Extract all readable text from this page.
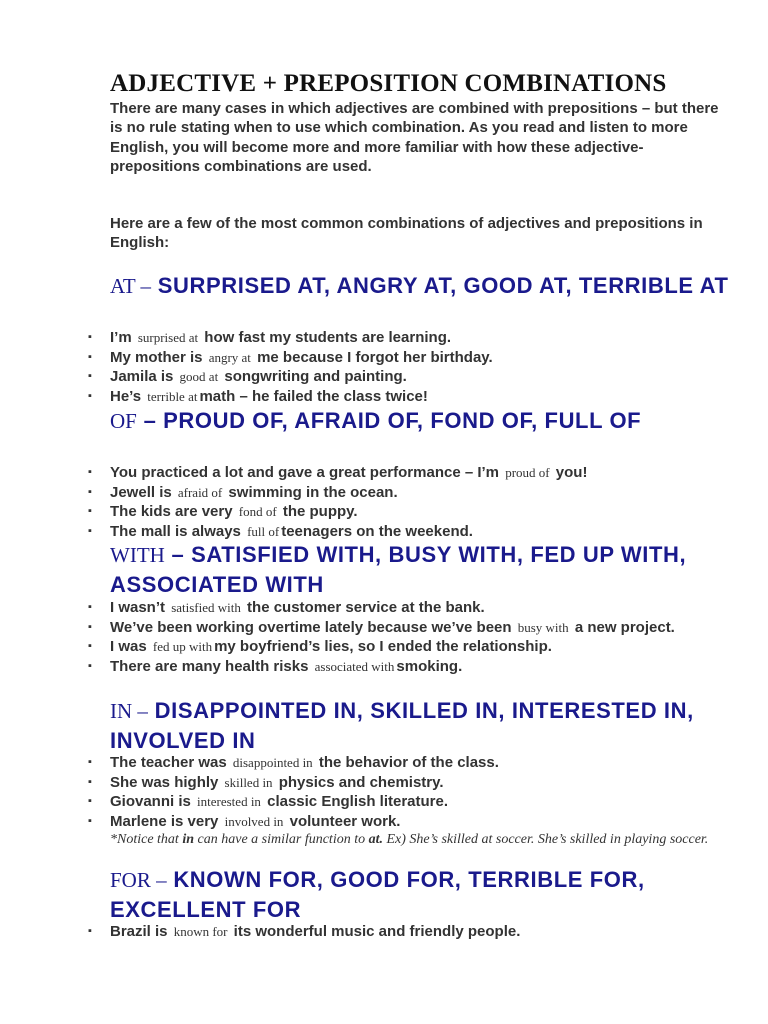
ADJECTIVE + PREPOSITION COMBINATIONS
There are many cases in which adjectives are combined with prepositions – but there is no rule stating when to use which combination. As you read and listen to more English, you will become more and more familiar with how these adjective-prepositions combinations are used.
Here are a few of the most common combinations of adjectives and prepositions in English:
AT – SURPRISED AT, ANGRY AT, GOOD AT, TERRIBLE AT
▪ I’m surprised at how fast my students are learning.
▪ My mother is angry at me because I forgot her birthday.
▪ Jamila is good at songwriting and painting.
▪ He’s terrible at math – he failed the class twice!
OF – PROUD OF, AFRAID OF, FOND OF, FULL OF
▪ You practiced a lot and gave a great performance – I’m proud of you!
▪ Jewell is afraid of swimming in the ocean.
▪ The kids are very fond of the puppy.
▪ The mall is always full of teenagers on the weekend.
WITH – SATISFIED WITH, BUSY WITH, FED UP WITH, ASSOCIATED WITH
▪ I wasn’t satisfied with the customer service at the bank.
▪ We’ve been working overtime lately because we’ve been busy with a new project.
▪ I was fed up with my boyfriend’s lies, so I ended the relationship.
▪ There are many health risks associated with smoking.
IN – DISAPPOINTED IN, SKILLED IN, INTERESTED IN, INVOLVED IN
▪ The teacher was disappointed in the behavior of the class.
▪ She was highly skilled in physics and chemistry.
▪ Giovanni is interested in classic English literature.
▪ Marlene is very involved in volunteer work.
*Notice that in can have a similar function to at. Ex) She’s skilled at soccer. She’s skilled in playing soccer.
FOR – KNOWN FOR, GOOD FOR, TERRIBLE FOR, EXCELLENT FOR
▪ Brazil is known for its wonderful music and friendly people.
